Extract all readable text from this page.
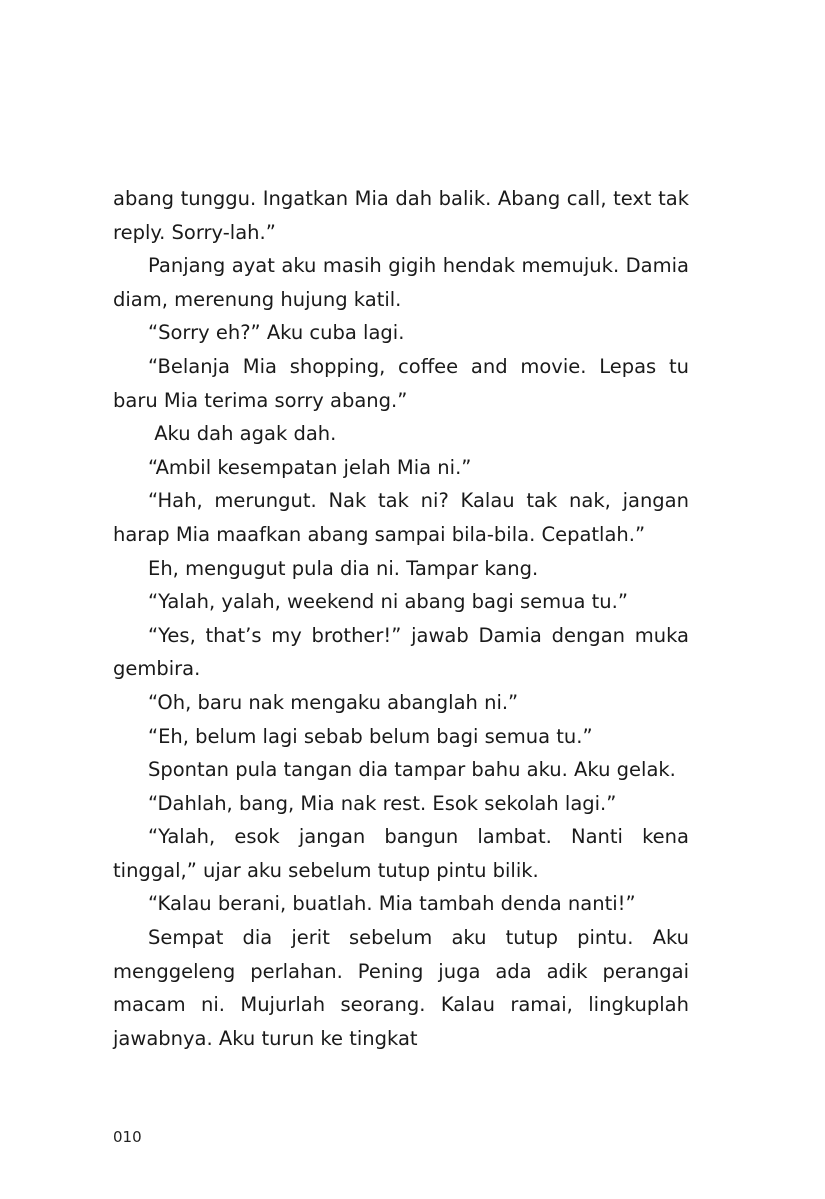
abang tunggu. Ingatkan Mia dah balik. Abang call, text tak reply. Sorry-lah.”

Panjang ayat aku masih gigih hendak memujuk. Damia diam, merenung hujung katil.

“Sorry eh?” Aku cuba lagi.

“Belanja Mia shopping, coffee and movie. Lepas tu baru Mia terima sorry abang.”

Aku dah agak dah.

“Ambil kesempatan jelah Mia ni.”

“Hah, merungut. Nak tak ni? Kalau tak nak, jangan harap Mia maafkan abang sampai bila-bila. Cepatlah.”

Eh, mengugut pula dia ni. Tampar kang.

“Yalah, yalah, weekend ni abang bagi semua tu.”

“Yes, that’s my brother!” jawab Damia dengan muka gembira.

“Oh, baru nak mengaku abanglah ni.”

“Eh, belum lagi sebab belum bagi semua tu.”

Spontan pula tangan dia tampar bahu aku. Aku gelak.

“Dahlah, bang, Mia nak rest. Esok sekolah lagi.”

“Yalah, esok jangan bangun lambat. Nanti kena tinggal,” ujar aku sebelum tutup pintu bilik.

“Kalau berani, buatlah. Mia tambah denda nanti!”

Sempat dia jerit sebelum aku tutup pintu. Aku menggeleng perlahan. Pening juga ada adik perangai macam ni. Mujurlah seorang. Kalau ramai, lingkuplah jawabnya. Aku turun ke tingkat

010
